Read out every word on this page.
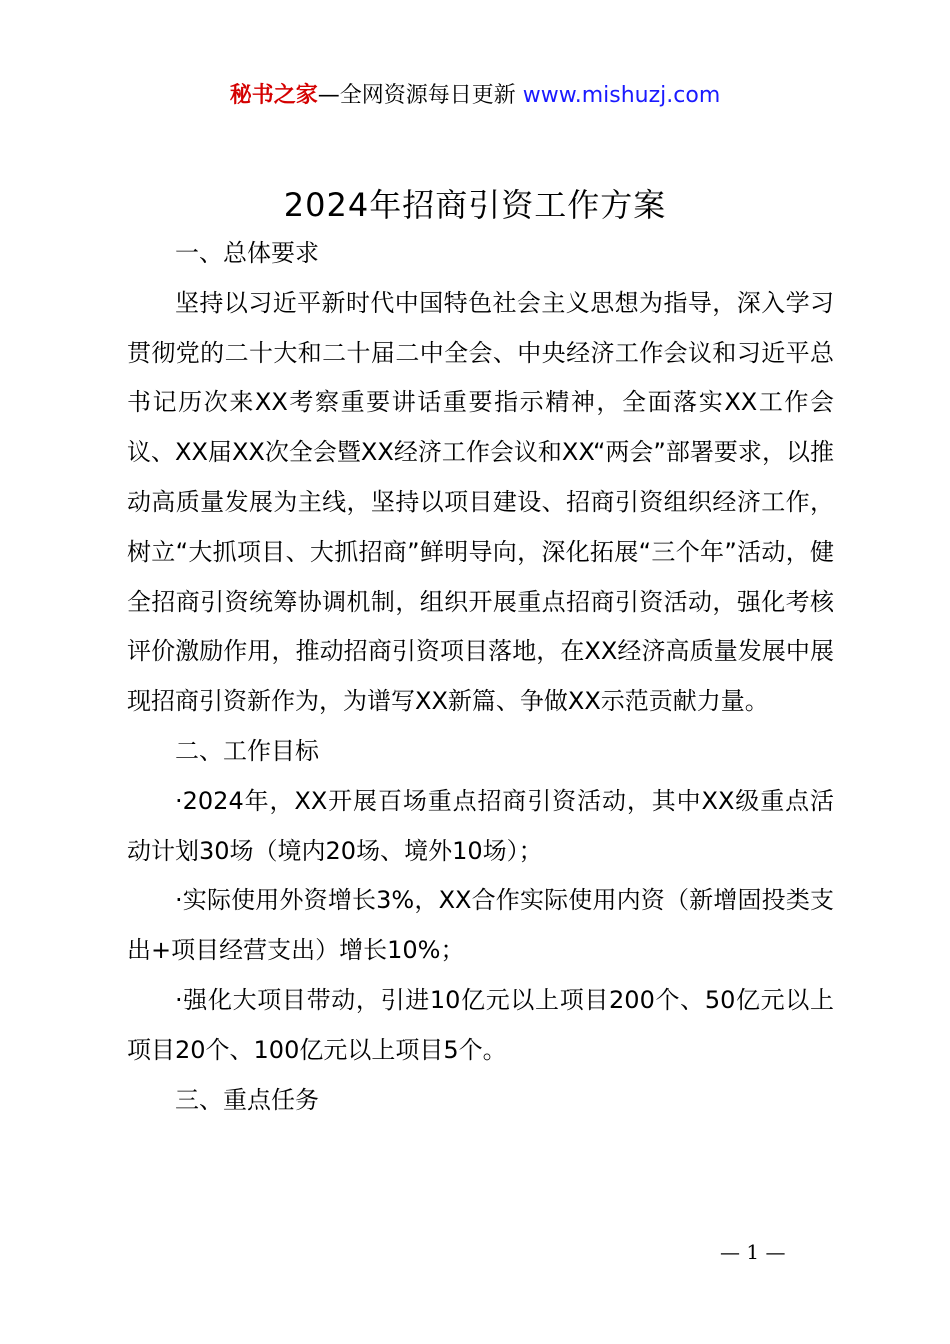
秘书之家—全网资源每日更新 www.mishuzj.com
2024年招商引资工作方案

一、总体要求

坚持以习近平新时代中国特色社会主义思想为指导，深入学习贯彻党的二十大和二十届二中全会、中央经济工作会议和习近平总书记历次来XX考察重要讲话重要指示精神，全面落实XX工作会议、XX届XX次全会暨XX经济工作会议和XX“两会”部署要求，以推动高质量发展为主线，坚持以项目建设、招商引资组织经济工作，树立“大抓项目、大抓招商”鲜明导向，深化拓展“三个年”活动，健全招商引资统筹协调机制，组织开展重点招商引资活动，强化考核评价激励作用，推动招商引资项目落地，在XX经济高质量发展中展现招商引资新作为，为谱写XX新篇、争做XX示范贡献力量。

二、工作目标

·2024年，XX开展百场重点招商引资活动，其中XX级重点活动计划30场（境内20场、境外10场）；

·实际使用外资增长3%，XX合作实际使用内资（新增固投类支出+项目经营支出）增长10%；

·强化大项目带动，引进10亿元以上项目200个、50亿元以上项目20个、100亿元以上项目5个。

三、重点任务

— 1 —
